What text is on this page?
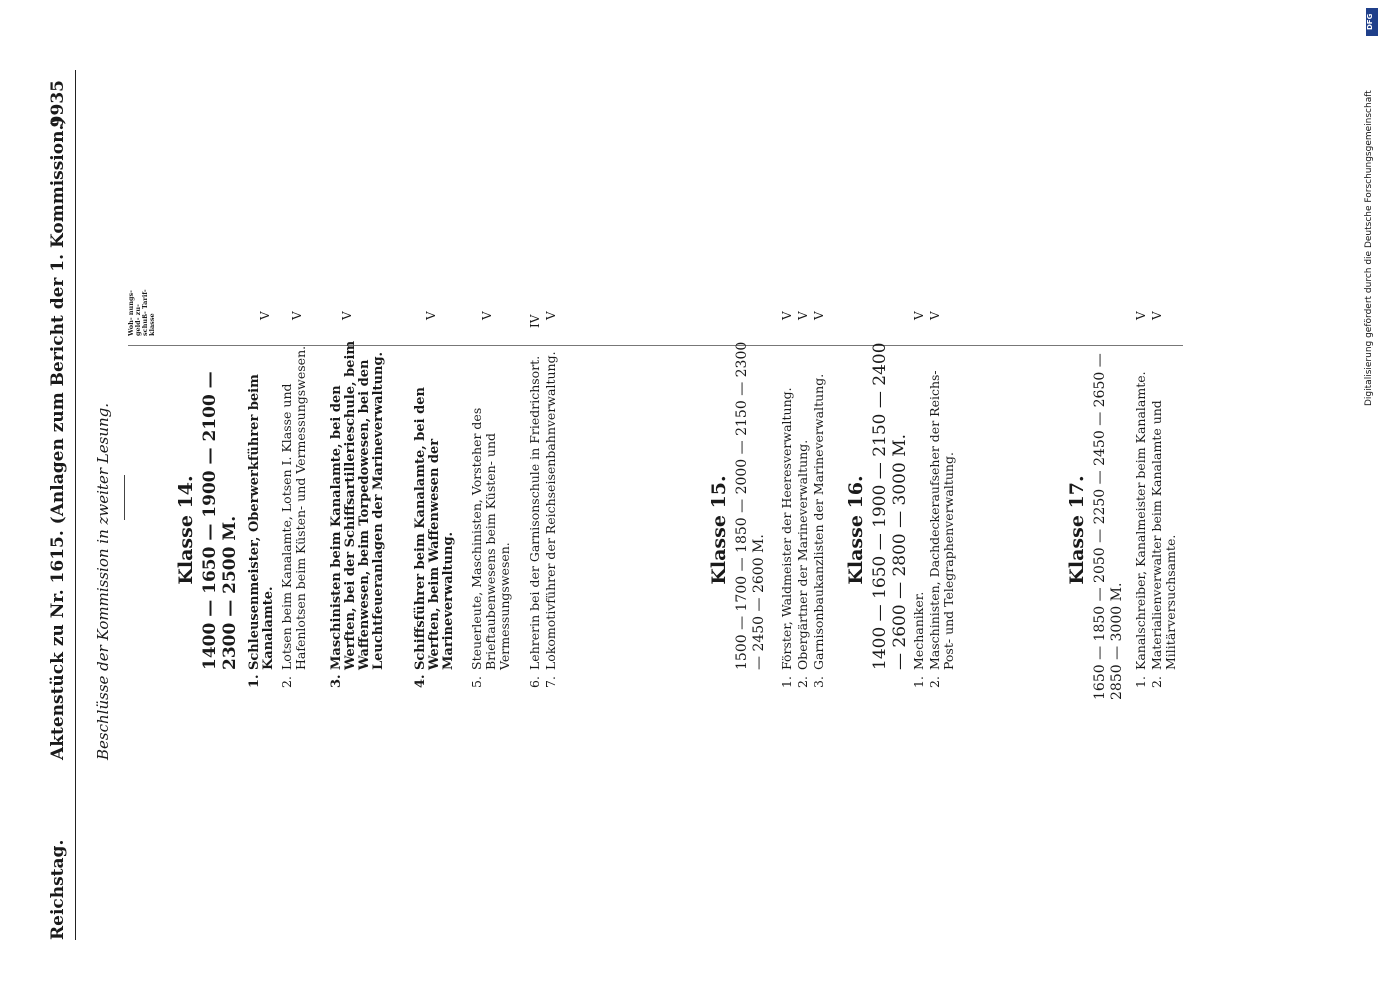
Reichstag.
Aktenstück zu Nr. 1615. (Anlagen zum Bericht der 1. Kommission.)
9935
Beschlüsse der Kommission in zweiter Lesung.
Woh- nungs- geld- zu- schuß- Tarif- klasse
Klasse 14. 1400 — 1650 — 1900 — 2100 — 2300 — 2500 M.
1.
Schleusenmeister, Oberwerkführer beim Kanalamte.
V
2.
Lotsen beim Kanalamte, Lotsen I. Klasse und Hafenlotsen beim Küsten- und Vermessungswesen.
V
3.
Maschinisten beim Kanalamte, bei den Werften, bei der Schiffsartillerieschule, beim Waffenwesen, beim Torpedowesen, bei den Leuchtfeueranlagen der Marineverwaltung.
V
4.
Schiffsführer beim Kanalamte, bei den Werften, beim Waffenwesen der Marineverwaltung.
V
5.
Steuerleute, Maschinisten, Vorsteher des Brieftaubenwesens beim Küsten- und Vermessungswesen.
V
6.
Lehrerin bei der Garnisonschule in Friedrichsort.
IV
7.
Lokomotivführer der Reichseisenbahnverwaltung.
V
Klasse 15. 1500 — 1700 — 1850 — 2000 — 2150 — 2300 — 2450 — 2600 M.
1.
Förster, Waldmeister der Heeresverwaltung.
V
2.
Obergärtner der Marineverwaltung.
V
3.
Garnisonbaukanzlisten der Marineverwaltung.
V
Klasse 16. 1400 — 1650 — 1900 — 2150 — 2400 — 2600 — 2800 — 3000 M.
1.
Mechaniker.
V
2.
Maschinisten, Dachdeckeraufseher der Reichs-Post- und Telegraphenverwaltung.
V
Klasse 17. 1650 — 1850 — 2050 — 2250 — 2450 — 2650 — 2850 — 3000 M. 1.
Kanalschreiber, Kanalmeister beim Kanalamte.
V
2.
Materialienverwalter beim Kanalamte und Militärversuchsamte.
V
DFG
Digitalisierung gefördert durch die Deutsche Forschungsgemeinschaft
